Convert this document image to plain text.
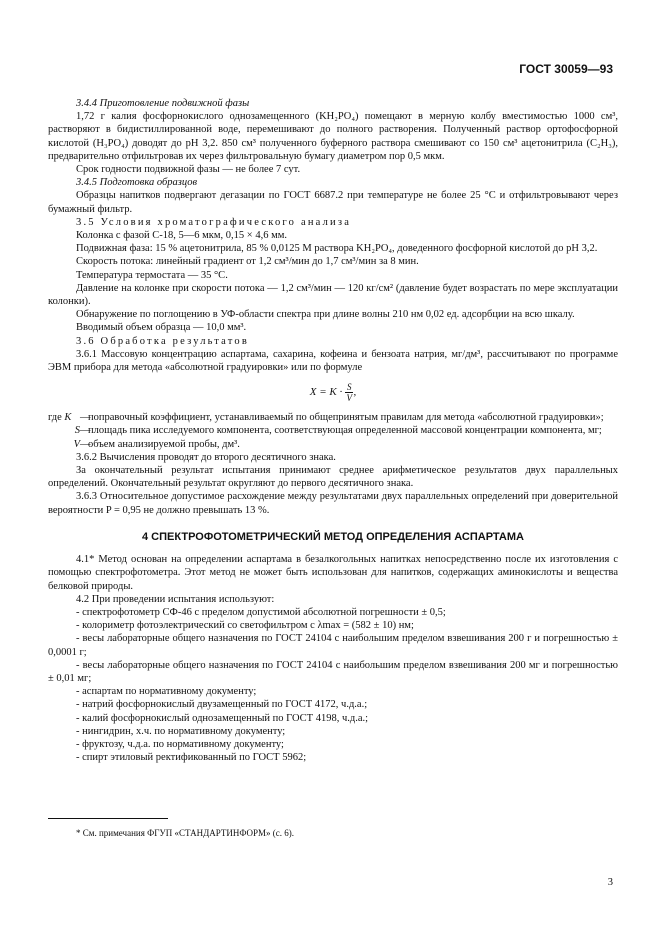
ГОСТ 30059—93

3.4.4 Приготовление подвижной фазы

1,72 г калия фосфорнокислого однозамещенного (KH₂PO₄) помещают в мерную колбу вместимостью 1000 см³, растворяют в бидистиллированной воде, перемешивают до полного растворения. Полученный раствор ортофосфорной кислотой (H₃PO₄) доводят до pH 3,2. 850 см³ полученного буферного раствора смешивают со 150 см³ ацетонитрила (C₂H₃), предварительно отфильтровав их через фильтровальную бумагу диаметром пор 0,5 мкм.

Срок годности подвижной фазы — не более 7 сут.

3.4.5 Подготовка образцов

Образцы напитков подвергают дегазации по ГОСТ 6687.2 при температуре не более 25 °С и отфильтровывают через бумажный фильтр.

3.5 Условия хроматографического анализа

Колонка с фазой C-18, 5—6 мкм, 0,15 × 4,6 мм.

Подвижная фаза: 15 % ацетонитрила, 85 % 0,0125 М раствора KH₂PO₄, доведенного фосфорной кислотой до pH 3,2.

Скорость потока: линейный градиент от 1,2 см³/мин до 1,7 см³/мин за 8 мин.

Температура термостата — 35 °С.

Давление на колонке при скорости потока — 1,2 см³/мин — 120 кг/см² (давление будет возрастать по мере эксплуатации колонки).

Обнаружение по поглощению в УФ-области спектра при длине волны 210 нм 0,02 ед. адсорбции на всю шкалу.

Вводимый объем образца — 10,0 мм³.

3.6 Обработка результатов

3.6.1 Массовую концентрацию аспартама, сахарина, кофеина и бензоата натрия, мг/дм³, рассчитывают по программе ЭВМ прибора для метода «абсолютной градуировки» или по формуле

$X = K \cdot \frac{S}{V}$ ,
где K —
поправочный коэффициент, устанавливаемый по общепринятым правилам для метода «абсолютной градуировки»;
S —
площадь пика исследуемого компонента, соответствующая определенной массовой концентрации компонента, мг;
V —
объем анализируемой пробы, дм³.

3.6.2 Вычисления проводят до второго десятичного знака.

За окончательный результат испытания принимают среднее арифметическое результатов двух параллельных определений. Окончательный результат округляют до первого десятичного знака.

3.6.3 Относительное допустимое расхождение между результатами двух параллельных определений при доверительной вероятности P = 0,95 не должно превышать 13 %.

4 СПЕКТРОФОТОМЕТРИЧЕСКИЙ МЕТОД ОПРЕДЕЛЕНИЯ АСПАРТАМА

4.1* Метод основан на определении аспартама в безалкогольных напитках непосредственно после их изготовления с помощью спектрофотометра. Этот метод не может быть использован для напитков, содержащих аминокислоты и вещества белковой природы.

4.2 При проведении испытания используют:

- спектрофотометр СФ-46 с пределом допустимой абсолютной погрешности ± 0,5;

- колориметр фотоэлектрический со светофильтром с λmax = (582 ± 10) нм;

- весы лабораторные общего назначения по ГОСТ 24104 с наибольшим пределом взвешивания 200 г и погрешностью ± 0,0001 г;

- весы лабораторные общего назначения по ГОСТ 24104 с наибольшим пределом взвешивания 200 мг и погрешностью ± 0,01 мг;

- аспартам по нормативному документу;

- натрий фосфорнокислый двузамещенный по ГОСТ 4172, ч.д.а.;

- калий фосфорнокислый однозамещенный по ГОСТ 4198, ч.д.а.;

- нингидрин, х.ч. по нормативному документу;

- фруктозу, ч.д.а. по нормативному документу;

- спирт этиловый ректификованный по ГОСТ 5962;

* См. примечания ФГУП «СТАНДАРТИНФОРМ» (с. 6).
3
